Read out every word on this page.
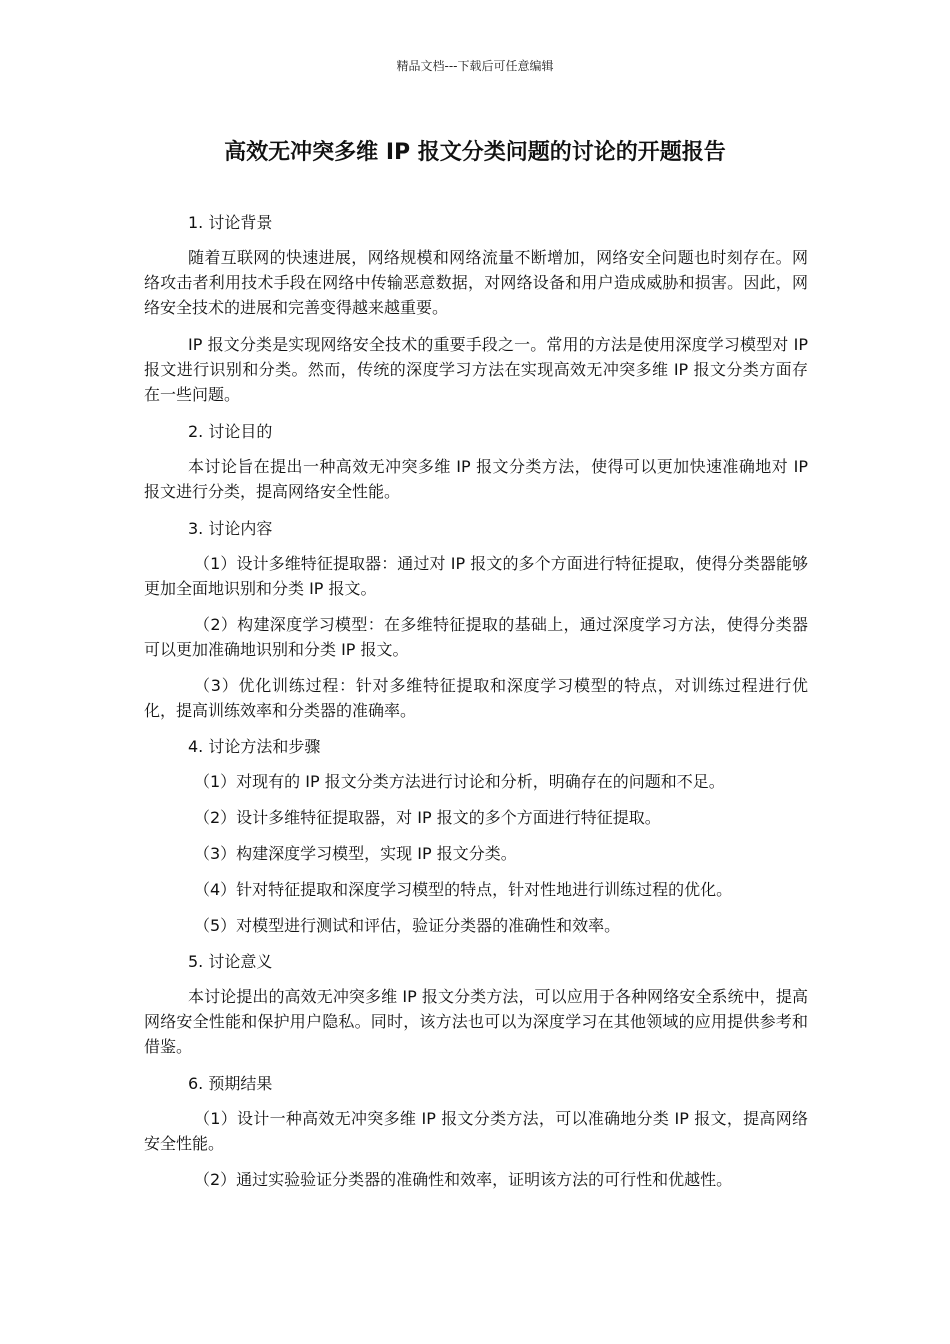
精品文档---下载后可任意编辑
高效无冲突多维 IP 报文分类问题的讨论的开题报告

1. 讨论背景

随着互联网的快速进展，网络规模和网络流量不断增加，网络安全问题也时刻存在。网络攻击者利用技术手段在网络中传输恶意数据，对网络设备和用户造成威胁和损害。因此，网络安全技术的进展和完善变得越来越重要。

IP 报文分类是实现网络安全技术的重要手段之一。常用的方法是使用深度学习模型对 IP 报文进行识别和分类。然而，传统的深度学习方法在实现高效无冲突多维 IP 报文分类方面存在一些问题。

2. 讨论目的

本讨论旨在提出一种高效无冲突多维 IP 报文分类方法，使得可以更加快速准确地对 IP 报文进行分类，提高网络安全性能。

3. 讨论内容

（1）设计多维特征提取器：通过对 IP 报文的多个方面进行特征提取，使得分类器能够更加全面地识别和分类 IP 报文。

（2）构建深度学习模型：在多维特征提取的基础上，通过深度学习方法，使得分类器可以更加准确地识别和分类 IP 报文。

（3）优化训练过程：针对多维特征提取和深度学习模型的特点，对训练过程进行优化，提高训练效率和分类器的准确率。

4. 讨论方法和步骤

（1）对现有的 IP 报文分类方法进行讨论和分析，明确存在的问题和不足。

（2）设计多维特征提取器，对 IP 报文的多个方面进行特征提取。

（3）构建深度学习模型，实现 IP 报文分类。

（4）针对特征提取和深度学习模型的特点，针对性地进行训练过程的优化。

（5）对模型进行测试和评估，验证分类器的准确性和效率。

5. 讨论意义

本讨论提出的高效无冲突多维 IP 报文分类方法，可以应用于各种网络安全系统中，提高网络安全性能和保护用户隐私。同时，该方法也可以为深度学习在其他领域的应用提供参考和借鉴。

6. 预期结果

（1）设计一种高效无冲突多维 IP 报文分类方法，可以准确地分类 IP 报文，提高网络安全性能。

（2）通过实验验证分类器的准确性和效率，证明该方法的可行性和优越性。
